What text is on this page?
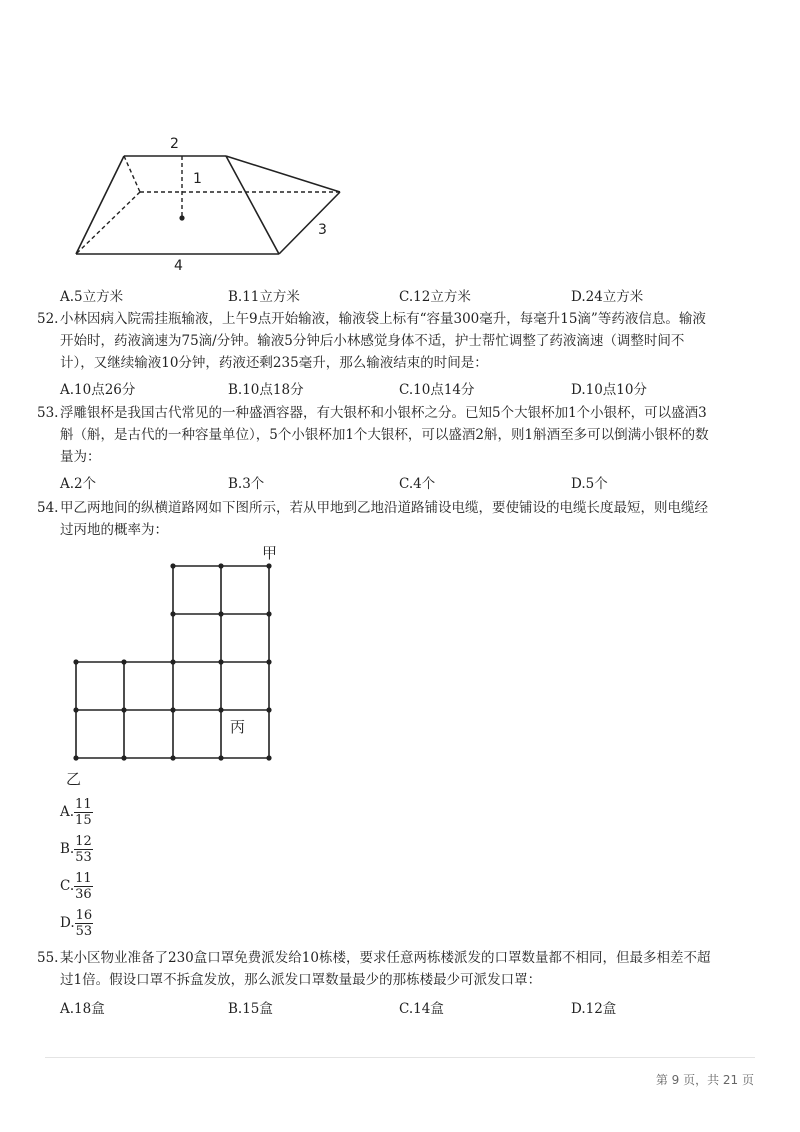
2
1
3
4
A.5立方米	B.11立方米	C.12立方米	D.24立方米
52. 小林因病入院需挂瓶输液，上午9点开始输液，输液袋上标有“容量300毫升，每毫升15滴”等药液信息。输液
开始时，药液滴速为75滴/分钟。输液5分钟后小林感觉身体不适，护士帮忙调整了药液滴速（调整时间不
计），又继续输液10分钟，药液还剩235毫升，那么输液结束的时间是：
A.10点26分	B.10点18分	C.10点14分	D.10点10分
53. 浮雕银杯是我国古代常见的一种盛酒容器，有大银杯和小银杯之分。已知5个大银杯加1个小银杯，可以盛酒3
斛（斛，是古代的一种容量单位），5个小银杯加1个大银杯，可以盛酒2斛，则1斛酒至多可以倒满小银杯的数
量为：
A.2个	B.3个	C.4个	D.5个
54. 甲乙两地间的纵横道路网如下图所示，若从甲地到乙地沿道路铺设电缆，要使铺设的电缆长度最短，则电缆经
过丙地的概率为：
甲
丙
乙
A. $\frac{11}{15}$
B. $\frac{12}{53}$
C. $\frac{11}{36}$
D. $\frac{16}{53}$
55. 某小区物业准备了230盒口罩免费派发给10栋楼，要求任意两栋楼派发的口罩数量都不相同，但最多相差不超
过1倍。假设口罩不拆盒发放，那么派发口罩数量最少的那栋楼最少可派发口罩：
A.18盒	B.15盒	C.14盒	D.12盒
第 9 页，共 21 页
